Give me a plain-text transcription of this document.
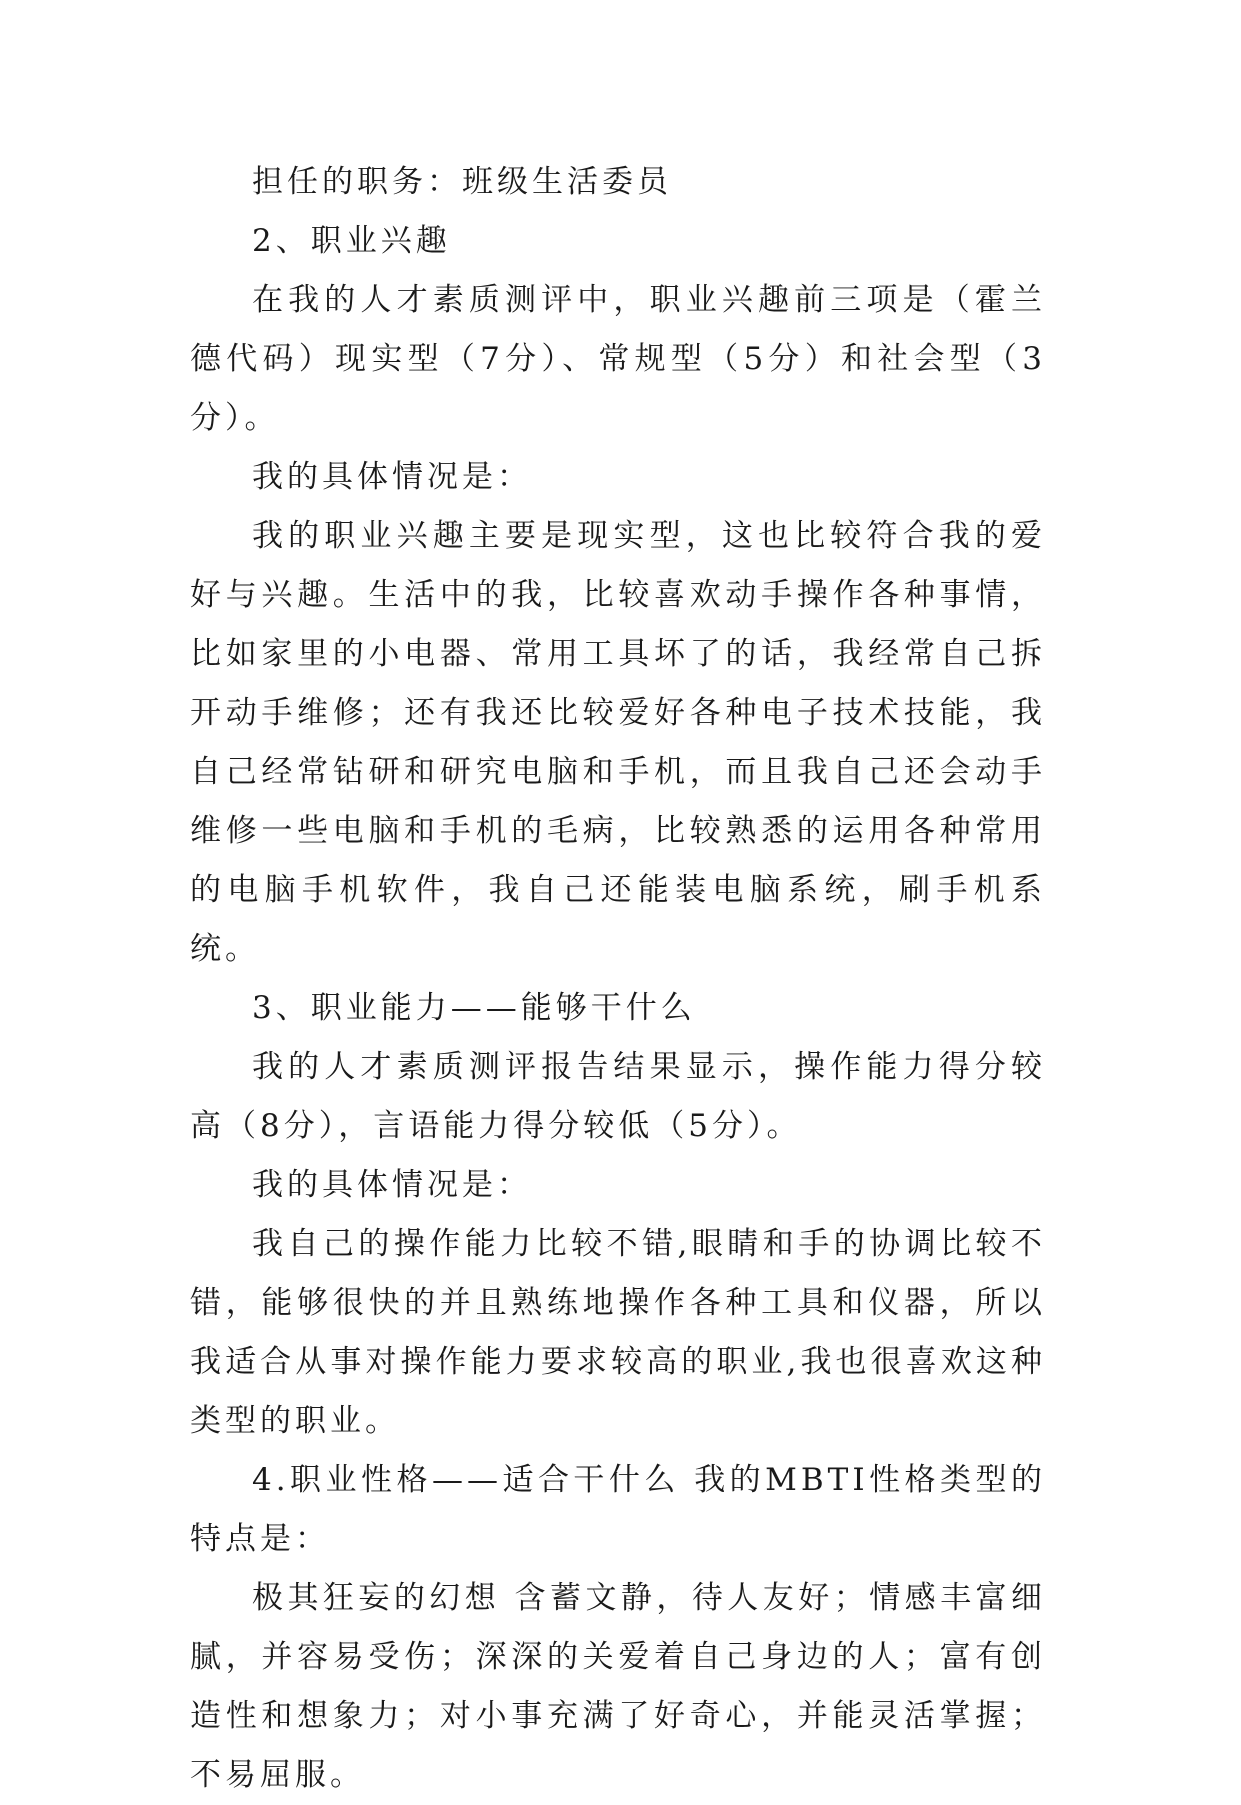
担任的职务：班级生活委员

2、职业兴趣

在我的人才素质测评中，职业兴趣前三项是（霍兰德代码）现实型（7分）、常规型（5分）和社会型（3分）。

我的具体情况是：

我的职业兴趣主要是现实型，这也比较符合我的爱好与兴趣。生活中的我，比较喜欢动手操作各种事情，比如家里的小电器、常用工具坏了的话，我经常自己拆开动手维修；还有我还比较爱好各种电子技术技能，我自己经常钻研和研究电脑和手机，而且我自己还会动手维修一些电脑和手机的毛病，比较熟悉的运用各种常用的电脑手机软件，我自己还能装电脑系统，刷手机系统。

3、职业能力——能够干什么

我的人才素质测评报告结果显示，操作能力得分较高（8分），言语能力得分较低（5分）。

我的具体情况是：

我自己的操作能力比较不错,眼睛和手的协调比较不错，能够很快的并且熟练地操作各种工具和仪器，所以我适合从事对操作能力要求较高的职业,我也很喜欢这种类型的职业。

4.职业性格——适合干什么 我的MBTI性格类型的特点是：

极其狂妄的幻想 含蓄文静，待人友好；情感丰富细腻，并容易受伤；深深的关爱着自己身边的人；富有创造性和想象力；对小事充满了好奇心，并能灵活掌握；不易屈服。
